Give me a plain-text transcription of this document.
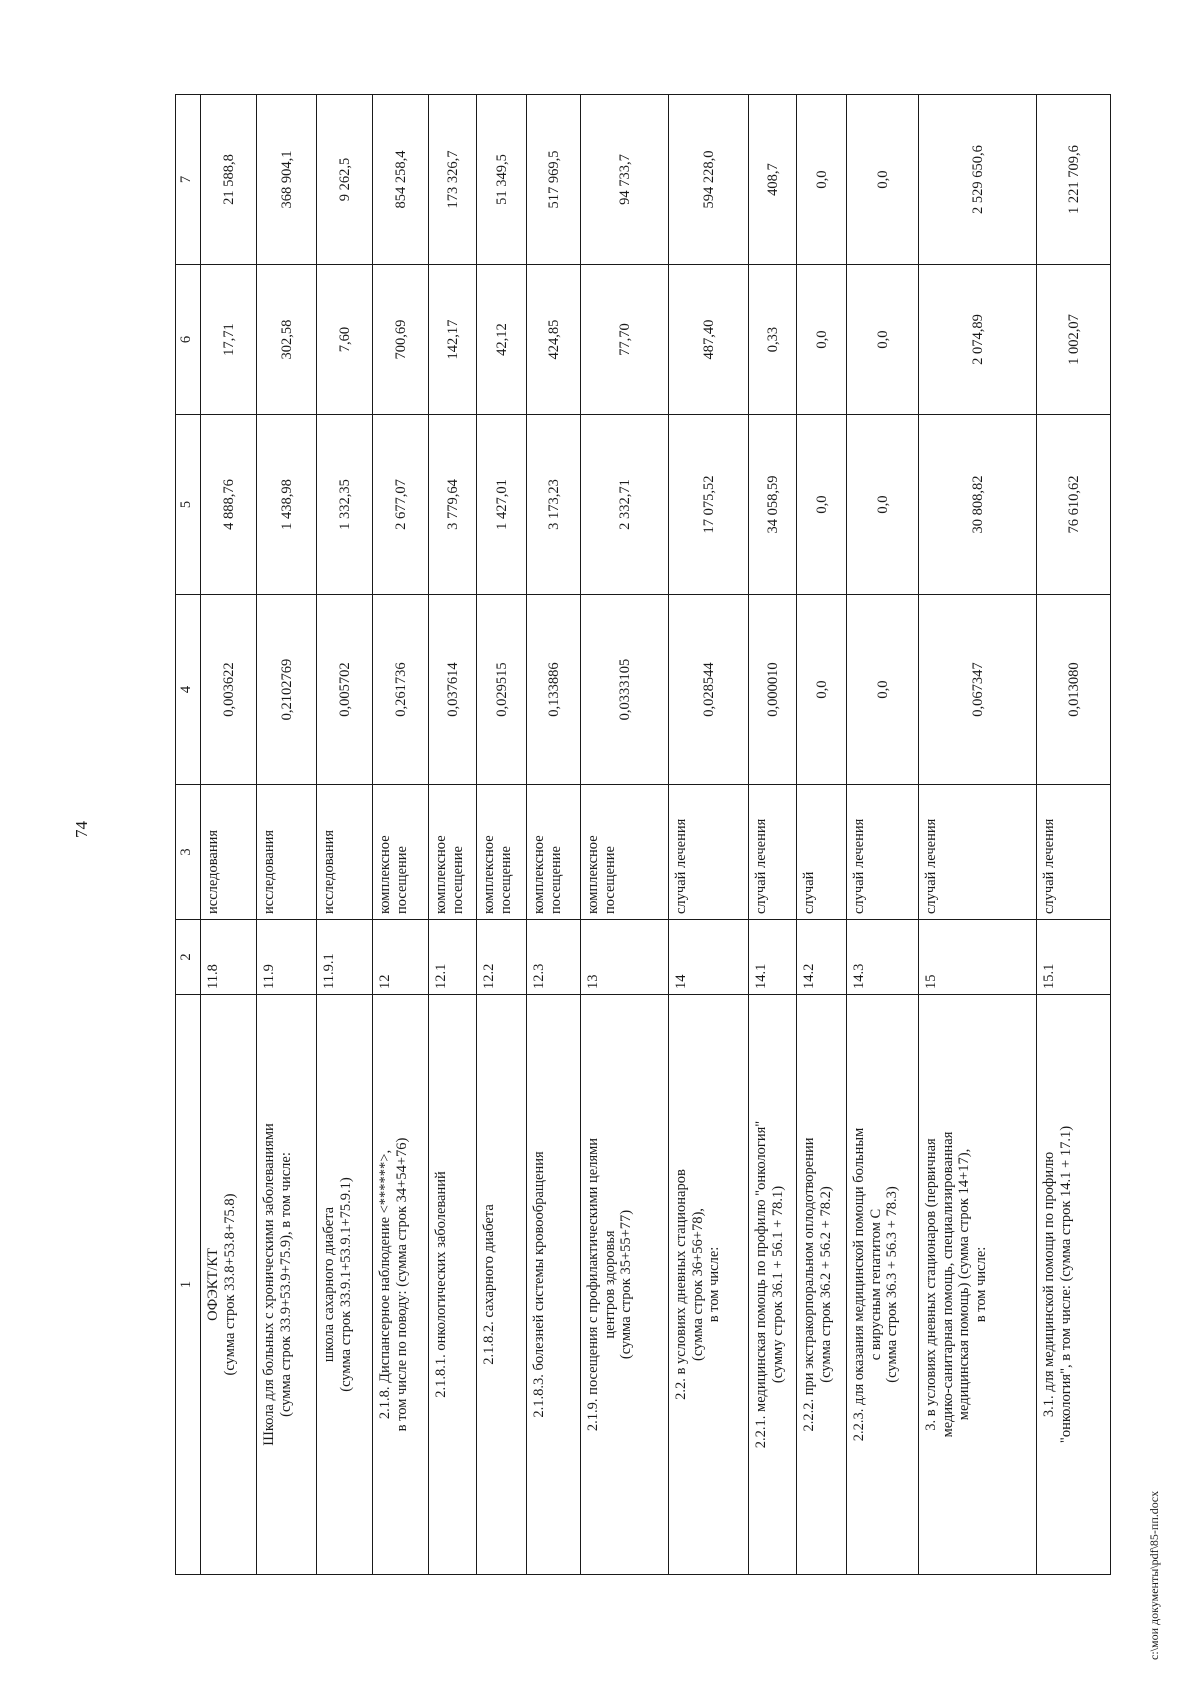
74
1	2	3	4	5	6	7
ОФЭКТ/КТ
(сумма строк 33.8+53.8+75.8)	11.8	исследования	0,003622	4 888,76	17,71	21 588,8
Школа для больных с хроническими заболеваниями
(сумма строк 33.9+53.9+75.9), в том числе:	11.9	исследования	0,2102769	1 438,98	302,58	368 904,1
школа сахарного диабета
(сумма строк 33.9.1+53.9.1+75.9.1)	11.9.1	исследования	0,005702	1 332,35	7,60	9 262,5
2.1.8. Диспансерное наблюдение <******>,
в том числе по поводу: (сумма строк 34+54+76)	12	комплексное посещение	0,261736	2 677,07	700,69	854 258,4
2.1.8.1. онкологических заболеваний	12.1	комплексное посещение	0,037614	3 779,64	142,17	173 326,7
2.1.8.2. сахарного диабета	12.2	комплексное посещение	0,029515	1 427,01	42,12	51 349,5
2.1.8.3. болезней системы кровообращения	12.3	комплексное посещение	0,133886	3 173,23	424,85	517 969,5
2.1.9. посещения с профилактическими целями
центров здоровья
(сумма строк 35+55+77)	13	комплексное посещение	0,0333105	2 332,71	77,70	94 733,7
2.2. в условиях дневных стационаров
(сумма строк 36+56+78),
в том числе:	14	случай лечения	0,028544	17 075,52	487,40	594 228,0
2.2.1. медицинская помощь по профилю "онкология"
(сумму строк 36.1 + 56.1 + 78.1)	14.1	случай лечения	0,000010	34 058,59	0,33	408,7
2.2.2. при экстракорпоральном оплодотворении
(сумма строк 36.2 + 56.2 + 78.2)	14.2	случай	0,0	0,0	0,0	0,0
2.2.3. для оказания медицинской помощи больным
с вирусным гепатитом С
(сумма строк 36.3 + 56.3 + 78.3)	14.3	случай лечения	0,0	0,0	0,0	0,0
3. в условиях дневных стационаров (первичная
медико-санитарная помощь, специализированная
медицинская помощь) (сумма строк 14+17),
в том числе:	15	случай лечения	0,067347	30 808,82	2 074,89	2 529 650,6
3.1. для медицинской помощи по профилю
"онкология", в том числе: (сумма строк 14.1 + 17.1)	15.1	случай лечения	0,013080	76 610,62	1 002,07	1 221 709,6
c:\мои документы\pdf\85-пп.docx
